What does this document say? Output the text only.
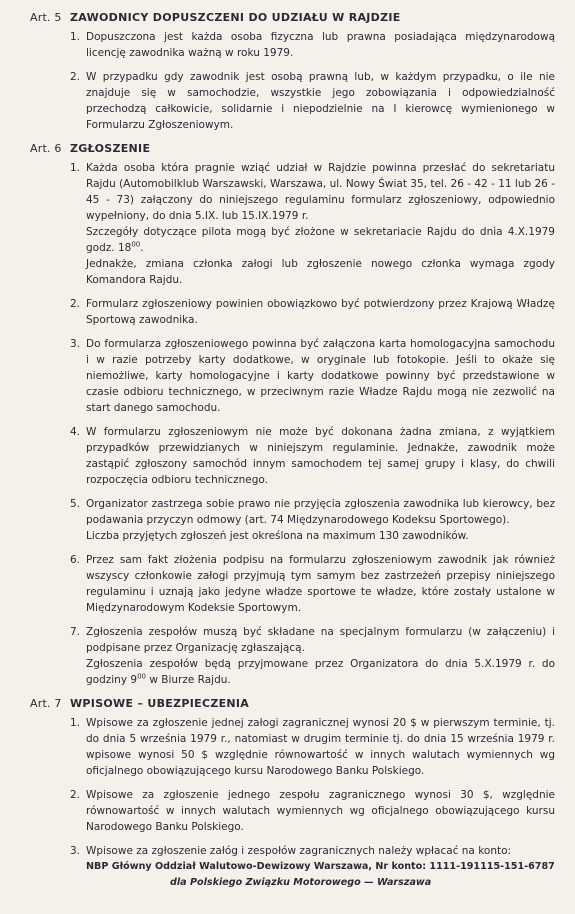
Art. 5 ZAWODNICY DOPUSZCZENI DO UDZIAŁU W RAJDZIE
1. Dopuszczona jest każda osoba fizyczna lub prawna posiadająca międzynarodową licencję zawodnika ważną w roku 1979.
2. W przypadku gdy zawodnik jest osobą prawną lub, w każdym przypadku, o ile nie znajduje się w samochodzie, wszystkie jego zobowiązania i odpowiedzialność przechodzą całkowicie, solidarnie i niepodzielnie na I kierowcę wymienionego w Formularzu Zgłoszeniowym.
Art. 6 ZGŁOSZENIE
1. Każda osoba która pragnie wziąć udział w Rajdzie powinna przesłać do sekretariatu Rajdu (Automobilklub Warszawski, Warszawa, ul. Nowy Świat 35, tel. 26 - 42 - 11 lub 26 - 45 - 73) załączony do niniejszego regulaminu formularz zgłoszeniowy, odpowiednio wypełniony, do dnia 5.IX. lub 15.IX.1979 r.

Szczegóły dotyczące pilota mogą być złożone w sekretariacie Rajdu do dnia 4.X.1979 godz. $18^{00}$.

Jednakże, zmiana członka załogi lub zgłoszenie nowego członka wymaga zgody Komandora Rajdu.

2. Formularz zgłoszeniowy powinien obowiązkowo być potwierdzony przez Krajową Władzę Sportową zawodnika.
3. Do formularza zgłoszeniowego powinna być załączona karta homologacyjna samochodu i w razie potrzeby karty dodatkowe, w oryginale lub fotokopie. Jeśli to okaże się niemożliwe, karty homologacyjne i karty dodatkowe powinny być przedstawione w czasie odbioru technicznego, w przeciwnym razie Władze Rajdu mogą nie zezwolić na start danego samochodu.
4. W formularzu zgłoszeniowym nie może być dokonana żadna zmiana, z wyjątkiem przypadków przewidzianych w niniejszym regulaminie. Jednakże, zawodnik może zastąpić zgłoszony samochód innym samochodem tej samej grupy i klasy, do chwili rozpoczęcia odbioru technicznego.
5. Organizator zastrzega sobie prawo nie przyjęcia zgłoszenia zawodnika lub kierowcy, bez podawania przyczyn odmowy (art. 74 Międzynarodowego Kodeksu Sportowego).

Liczba przyjętych zgłoszeń jest określona na maximum 130 zawodników.

6. Przez sam fakt złożenia podpisu na formularzu zgłoszeniowym zawodnik jak również wszyscy członkowie załogi przyjmują tym samym bez zastrzeżeń przepisy niniejszego regulaminu i uznają jako jedyne władze sportowe te władze, które zostały ustalone w Międzynarodowym Kodeksie Sportowym.
7. Zgłoszenia zespołów muszą być składane na specjalnym formularzu (w załączeniu) i podpisane przez Organizację zgłaszającą.

Zgłoszenia zespołów będą przyjmowane przez Organizatora do dnia 5.X.1979 r. do godziny $9^{00}$ w Biurze Rajdu.

Art. 7 WPISOWE – UBEZPIECZENIA
1. Wpisowe za zgłoszenie jednej załogi zagranicznej wynosi 20 $ w pierwszym terminie, tj. do dnia 5 września 1979 r., natomiast w drugim terminie tj. do dnia 15 września 1979 r. wpisowe wynosi 50 $ względnie równowartość w innych walutach wymiennych wg oficjalnego obowiązującego kursu Narodowego Banku Polskiego.
2. Wpisowe za zgłoszenie jednego zespołu zagranicznego wynosi 30 $, względnie równowartość w innych walutach wymiennych wg oficjalnego obowiązującego kursu Narodowego Banku Polskiego.
3. Wpisowe za zgłoszenie załóg i zespołów zagranicznych należy wpłacać na konto:
NBP Główny Oddział Walutowo-Dewizowy Warszawa, Nr konto: 1111-191115-151-6787
dla Polskiego Związku Motorowego — Warszawa
